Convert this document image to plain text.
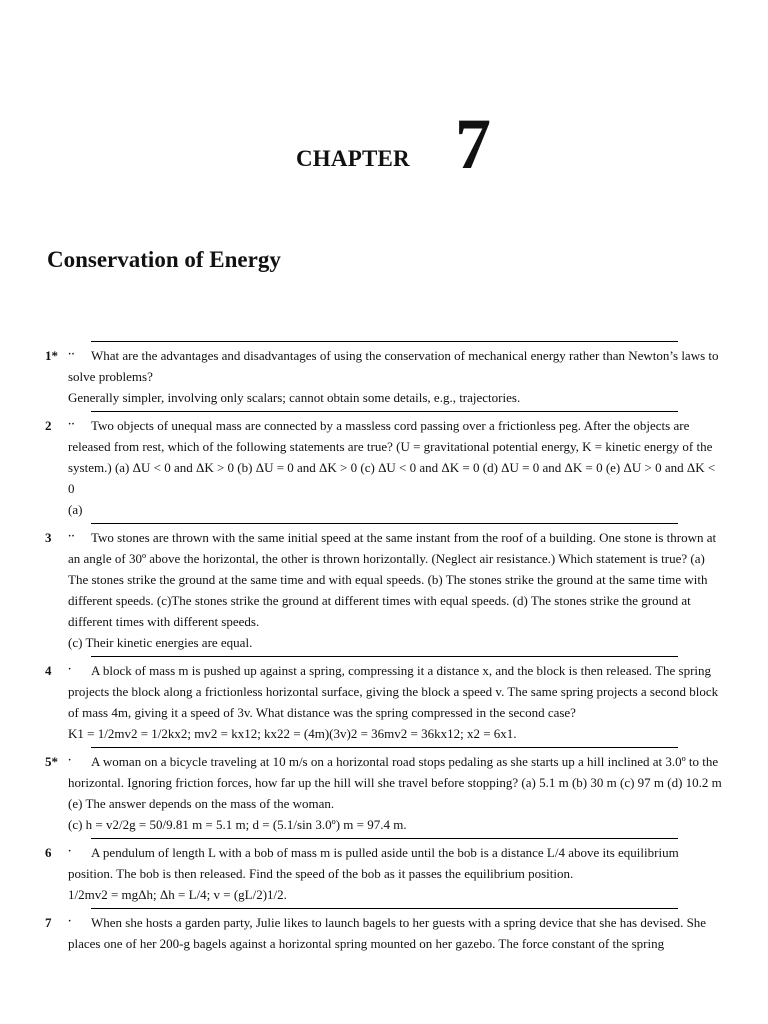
CHAPTER 7
Conservation of Energy
1* ··	What are the advantages and disadvantages of using the conservation of mechanical energy rather than Newton’s laws to solve problems?

Generally simpler, involving only scalars; cannot obtain some details, e.g., trajectories.

2 ··	Two objects of unequal mass are connected by a massless cord passing over a frictionless peg. After the objects are released from rest, which of the following statements are true? (U = gravitational potential energy, K = kinetic energy of the system.) (a) ΔU < 0 and ΔK > 0 (b) ΔU = 0 and ΔK > 0 (c) ΔU < 0 and ΔK = 0 (d) ΔU = 0 and ΔK = 0 (e) ΔU > 0 and ΔK < 0

(a)

3 ··	Two stones are thrown with the same initial speed at the same instant from the roof of a building. One stone is thrown at an angle of 30º above the horizontal, the other is thrown horizontally. (Neglect air resistance.) Which statement is true? (a) The stones strike the ground at the same time and with equal speeds. (b) The stones strike the ground at the same time with different speeds. (c)The stones strike the ground at different times with equal speeds. (d) The stones strike the ground at different times with different speeds.

(c) Their kinetic energies are equal.

4 ·	A block of mass m is pushed up against a spring, compressing it a distance x, and the block is then released. The spring projects the block along a frictionless horizontal surface, giving the block a speed v. The same spring projects a second block of mass 4m, giving it a speed of 3v. What distance was the spring compressed in the second case?

K1 = 1/2mv2 = 1/2kx2; mv2 = kx12; kx22 = (4m)(3v)2 = 36mv2 = 36kx12; x2 = 6x1.

5* ·	A woman on a bicycle traveling at 10 m/s on a horizontal road stops pedaling as she starts up a hill inclined at 3.0º to the horizontal. Ignoring friction forces, how far up the hill will she travel before stopping? (a) 5.1 m (b) 30 m (c) 97 m (d) 10.2 m (e) The answer depends on the mass of the woman.

(c) h = v2/2g = 50/9.81 m = 5.1 m; d = (5.1/sin 3.0º) m = 97.4 m.

6 ·	A pendulum of length L with a bob of mass m is pulled aside until the bob is a distance L/4 above its equilibrium position. The bob is then released. Find the speed of the bob as it passes the equilibrium position.

1/2mv2 = mgΔh; Δh = L/4; v = (gL/2)1/2.

7 ·	When she hosts a garden party, Julie likes to launch bagels to her guests with a spring device that she has devised. She places one of her 200-g bagels against a horizontal spring mounted on her gazebo. The force constant of the spring
